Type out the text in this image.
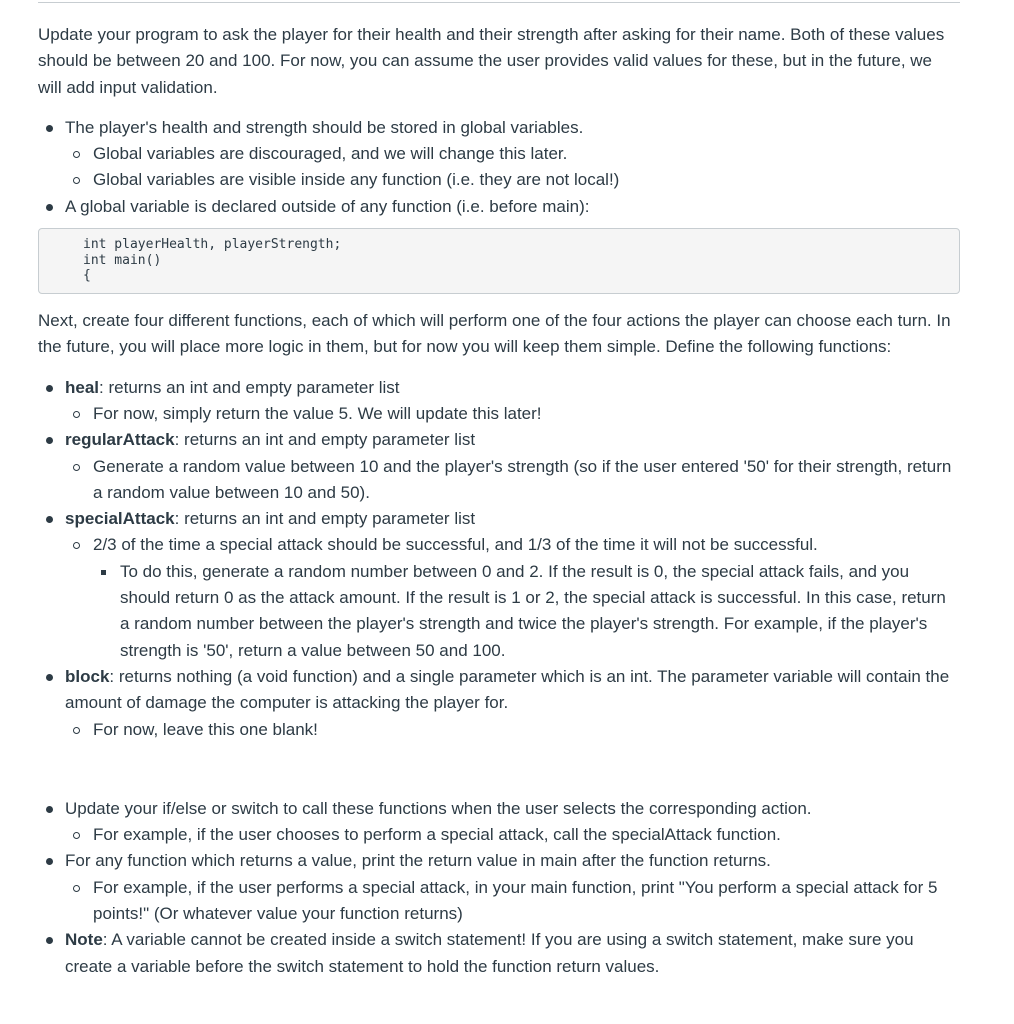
Update your program to ask the player for their health and their strength after asking for their name. Both of these values should be between 20 and 100. For now, you can assume the user provides valid values for these, but in the future, we will add input validation.

The player's health and strength should be stored in global variables.
Global variables are discouraged, and we will change this later.
Global variables are visible inside any function (i.e. they are not local!)
A global variable is declared outside of any function (i.e. before main):
int playerHealth, playerStrength;
int main()
{

Next, create four different functions, each of which will perform one of the four actions the player can choose each turn. In the future, you will place more logic in them, but for now you will keep them simple. Define the following functions:

heal: returns an int and empty parameter list
For now, simply return the value 5. We will update this later!
regularAttack: returns an int and empty parameter list
Generate a random value between 10 and the player's strength (so if the user entered '50' for their strength, return a random value between 10 and 50).
specialAttack: returns an int and empty parameter list
2/3 of the time a special attack should be successful, and 1/3 of the time it will not be successful.
To do this, generate a random number between 0 and 2. If the result is 0, the special attack fails, and you should return 0 as the attack amount. If the result is 1 or 2, the special attack is successful. In this case, return a random number between the player's strength and twice the player's strength. For example, if the player's strength is '50', return a value between 50 and 100.
block: returns nothing (a void function) and a single parameter which is an int. The parameter variable will contain the amount of damage the computer is attacking the player for.
For now, leave this one blank!
Update your if/else or switch to call these functions when the user selects the corresponding action.
For example, if the user chooses to perform a special attack, call the specialAttack function.
For any function which returns a value, print the return value in main after the function returns.
For example, if the user performs a special attack, in your main function, print "You perform a special attack for 5 points!" (Or whatever value your function returns)
Note: A variable cannot be created inside a switch statement! If you are using a switch statement, make sure you create a variable before the switch statement to hold the function return values.
